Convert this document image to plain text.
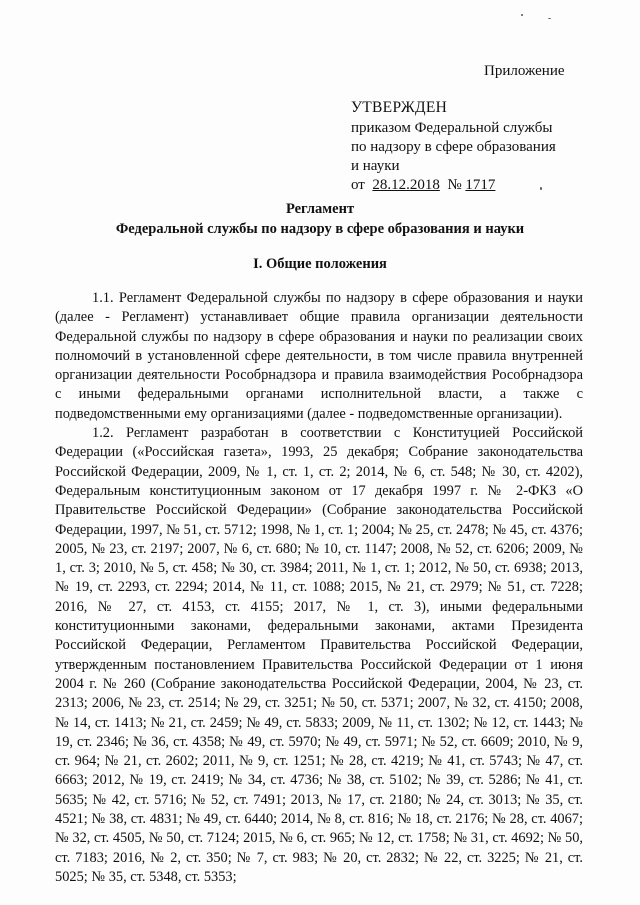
Приложение
УТВЕРЖДЕН
приказом Федеральной службы
по надзору в сфере образования
и науки
от 28.12.2018 № 1717
Регламент
Федеральной службы по надзору в сфере образования и науки
I. Общие положения

1.1. Регламент Федеральной службы по надзору в сфере образования и науки (далее - Регламент) устанавливает общие правила организации деятельности Федеральной службы по надзору в сфере образования и науки по реализации своих полномочий в установленной сфере деятельности, в том числе правила внутренней организации деятельности Рособрнадзора и правила взаимодействия Рособрнадзора с иными федеральными органами исполнительной власти, а также с подведомственными ему организациями (далее - подведомственные организации).

1.2. Регламент разработан в соответствии с Конституцией Российской Федерации («Российская газета», 1993, 25 декабря; Собрание законодательства Российской Федерации, 2009, № 1, ст. 1, ст. 2; 2014, № 6, ст. 548; № 30, ст. 4202), Федеральным конституционным законом от 17 декабря 1997 г. № 2-ФКЗ «О Правительстве Российской Федерации» (Собрание законодательства Российской Федерации, 1997, № 51, ст. 5712; 1998, № 1, ст. 1; 2004; № 25, ст. 2478; № 45, ст. 4376; 2005, № 23, ст. 2197; 2007, № 6, ст. 680; № 10, ст. 1147; 2008, № 52, ст. 6206; 2009, № 1, ст. 3; 2010, № 5, ст. 458; № 30, ст. 3984; 2011, № 1, ст. 1; 2012, № 50, ст. 6938; 2013, № 19, ст. 2293, ст. 2294; 2014, № 11, ст. 1088; 2015, № 21, ст. 2979; № 51, ст. 7228; 2016, № 27, ст. 4153, ст. 4155; 2017, № 1, ст. 3), иными федеральными конституционными законами, федеральными законами, актами Президента Российской Федерации, Регламентом Правительства Российской Федерации, утвержденным постановлением Правительства Российской Федерации от 1 июня 2004 г. № 260 (Собрание законодательства Российской Федерации, 2004, № 23, ст. 2313; 2006, № 23, ст. 2514; № 29, ст. 3251; № 50, ст. 5371; 2007, № 32, ст. 4150; 2008, № 14, ст. 1413; № 21, ст. 2459; № 49, ст. 5833; 2009, № 11, ст. 1302; № 12, ст. 1443; № 19, ст. 2346; № 36, ст. 4358; № 49, ст. 5970; № 49, ст. 5971; № 52, ст. 6609; 2010, № 9, ст. 964; № 21, ст. 2602; 2011, № 9, ст. 1251; № 28, ст. 4219; № 41, ст. 5743; № 47, ст. 6663; 2012, № 19, ст. 2419; № 34, ст. 4736; № 38, ст. 5102; № 39, ст. 5286; № 41, ст. 5635; № 42, ст. 5716; № 52, ст. 7491; 2013, № 17, ст. 2180; № 24, ст. 3013; № 35, ст. 4521; № 38, ст. 4831; № 49, ст. 6440; 2014, № 8, ст. 816; № 18, ст. 2176; № 28, ст. 4067; № 32, ст. 4505, № 50, ст. 7124; 2015, № 6, ст. 965; № 12, ст. 1758; № 31, ст. 4692; № 50, ст. 7183; 2016, № 2, ст. 350; № 7, ст. 983; № 20, ст. 2832; № 22, ст. 3225; № 21, ст. 5025; № 35, ст. 5348, ст. 5353;
